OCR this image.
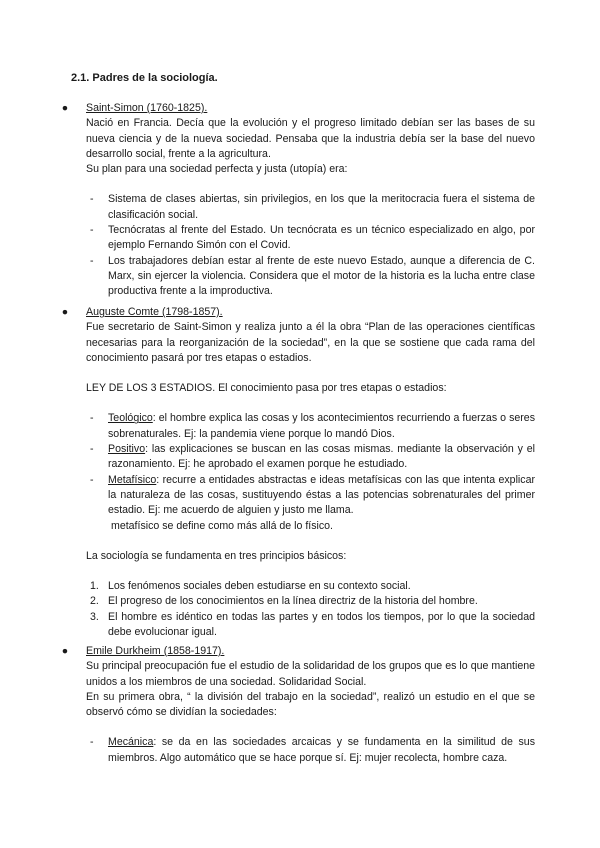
2.1. Padres de la sociología.
● Saint-Simon (1760-1825).

Nació en Francia. Decía que la evolución y el progreso limitado debían ser las bases de su nueva ciencia y de la nueva sociedad. Pensaba que la industria debía ser la base del nuevo desarrollo social, frente a la agricultura.

Su plan para una sociedad perfecta y justa (utopía) era:

- Sistema de clases abiertas, sin privilegios, en los que la meritocracia fuera el sistema de clasificación social.
- Tecnócratas al frente del Estado. Un tecnócrata es un técnico especializado en algo, por ejemplo Fernando Simón con el Covid.
- Los trabajadores debían estar al frente de este nuevo Estado, aunque a diferencia de C. Marx, sin ejercer la violencia. Considera que el motor de la historia es la lucha entre clase productiva frente a la improductiva.
● Auguste Comte (1798-1857).

Fue secretario de Saint-Simon y realiza junto a él la obra “Plan de las operaciones científicas necesarias para la reorganización de la sociedad”, en la que se sostiene que cada rama del conocimiento pasará por tres etapas o estadios.

LEY DE LOS 3 ESTADIOS. El conocimiento pasa por tres etapas o estadios:

- Teológico: el hombre explica las cosas y los acontecimientos recurriendo a fuerzas o seres sobrenaturales. Ej: la pandemia viene porque lo mandó Dios.
- Positivo: las explicaciones se buscan en las cosas mismas. mediante la observación y el razonamiento. Ej: he aprobado el examen porque he estudiado.
- Metafísico: recurre a entidades abstractas e ideas metafísicas con las que intenta explicar la naturaleza de las cosas, sustituyendo éstas a las potencias sobrenaturales del primer estadio. Ej: me acuerdo de alguien y justo me llama.
metafísico se define como más allá de lo físico.

La sociología se fundamenta en tres principios básicos:

1. Los fenómenos sociales deben estudiarse en su contexto social.
2. El progreso de los conocimientos en la línea directriz de la historia del hombre.
3. El hombre es idéntico en todas las partes y en todos los tiempos, por lo que la sociedad debe evolucionar igual.
● Emile Durkheim (1858-1917).

Su principal preocupación fue el estudio de la solidaridad de los grupos que es lo que mantiene unidos a los miembros de una sociedad. Solidaridad Social.

En su primera obra, “ la división del trabajo en la sociedad”, realizó un estudio en el que se observó cómo se dividían la sociedades:

- Mecánica: se da en las sociedades arcaicas y se fundamenta en la similitud de sus miembros. Algo automático que se hace porque sí. Ej: mujer recolecta, hombre caza.
